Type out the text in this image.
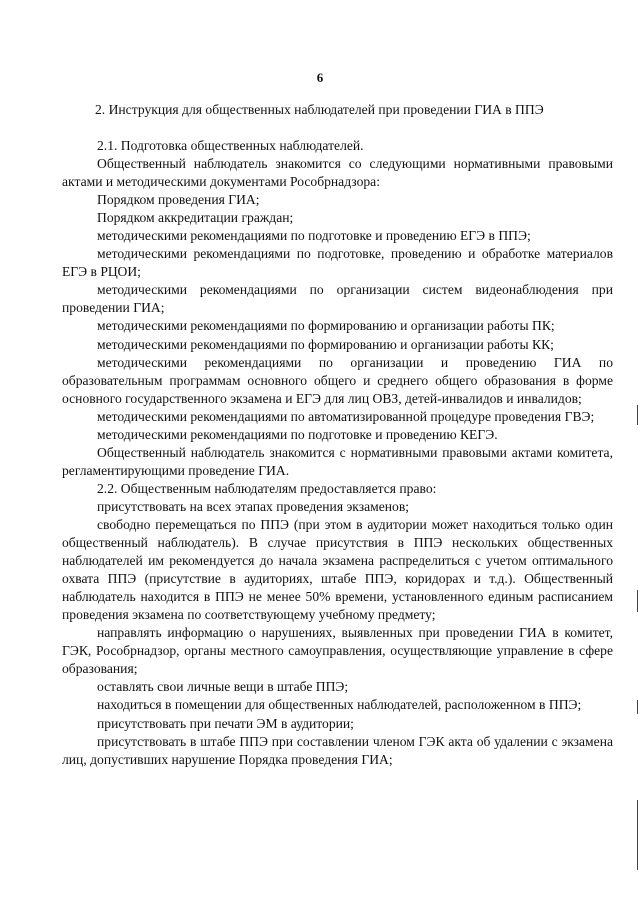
6
2. Инструкция для общественных наблюдателей при проведении ГИА в ППЭ

2.1. Подготовка общественных наблюдателей.

Общественный наблюдатель знакомится со следующими нормативными правовыми актами и методическими документами Рособрнадзора:

Порядком проведения ГИА;

Порядком аккредитации граждан;

методическими рекомендациями по подготовке и проведению ЕГЭ в ППЭ;

методическими рекомендациями по подготовке, проведению и обработке материалов ЕГЭ в РЦОИ;

методическими рекомендациями по организации систем видеонаблюдения при проведении ГИА;

методическими рекомендациями по формированию и организации работы ПК;

методическими рекомендациями по формированию и организации работы КК;

методическими рекомендациями по организации и проведению ГИА по образовательным программам основного общего и среднего общего образования в форме основного государственного экзамена и ЕГЭ для лиц ОВЗ, детей-инвалидов и инвалидов;

методическими рекомендациями по автоматизированной процедуре проведения ГВЭ;

методическими рекомендациями по подготовке и проведению КЕГЭ.

Общественный наблюдатель знакомится с нормативными правовыми актами комитета, регламентирующими проведение ГИА.

2.2. Общественным наблюдателям предоставляется право:

присутствовать на всех этапах проведения экзаменов;

свободно перемещаться по ППЭ (при этом в аудитории может находиться только один общественный наблюдатель). В случае присутствия в ППЭ нескольких общественных наблюдателей им рекомендуется до начала экзамена распределиться с учетом оптимального охвата ППЭ (присутствие в аудиториях, штабе ППЭ, коридорах и т.д.). Общественный наблюдатель находится в ППЭ не менее 50% времени, установленного единым расписанием проведения экзамена по соответствующему учебному предмету;

направлять информацию о нарушениях, выявленных при проведении ГИА в комитет, ГЭК, Рособрнадзор, органы местного самоуправления, осуществляющие управление в сфере образования;

оставлять свои личные вещи в штабе ППЭ;

находиться в помещении для общественных наблюдателей, расположенном в ППЭ;

присутствовать при печати ЭМ в аудитории;

присутствовать в штабе ППЭ при составлении членом ГЭК акта об удалении с экзамена лиц, допустивших нарушение Порядка проведения ГИА;
